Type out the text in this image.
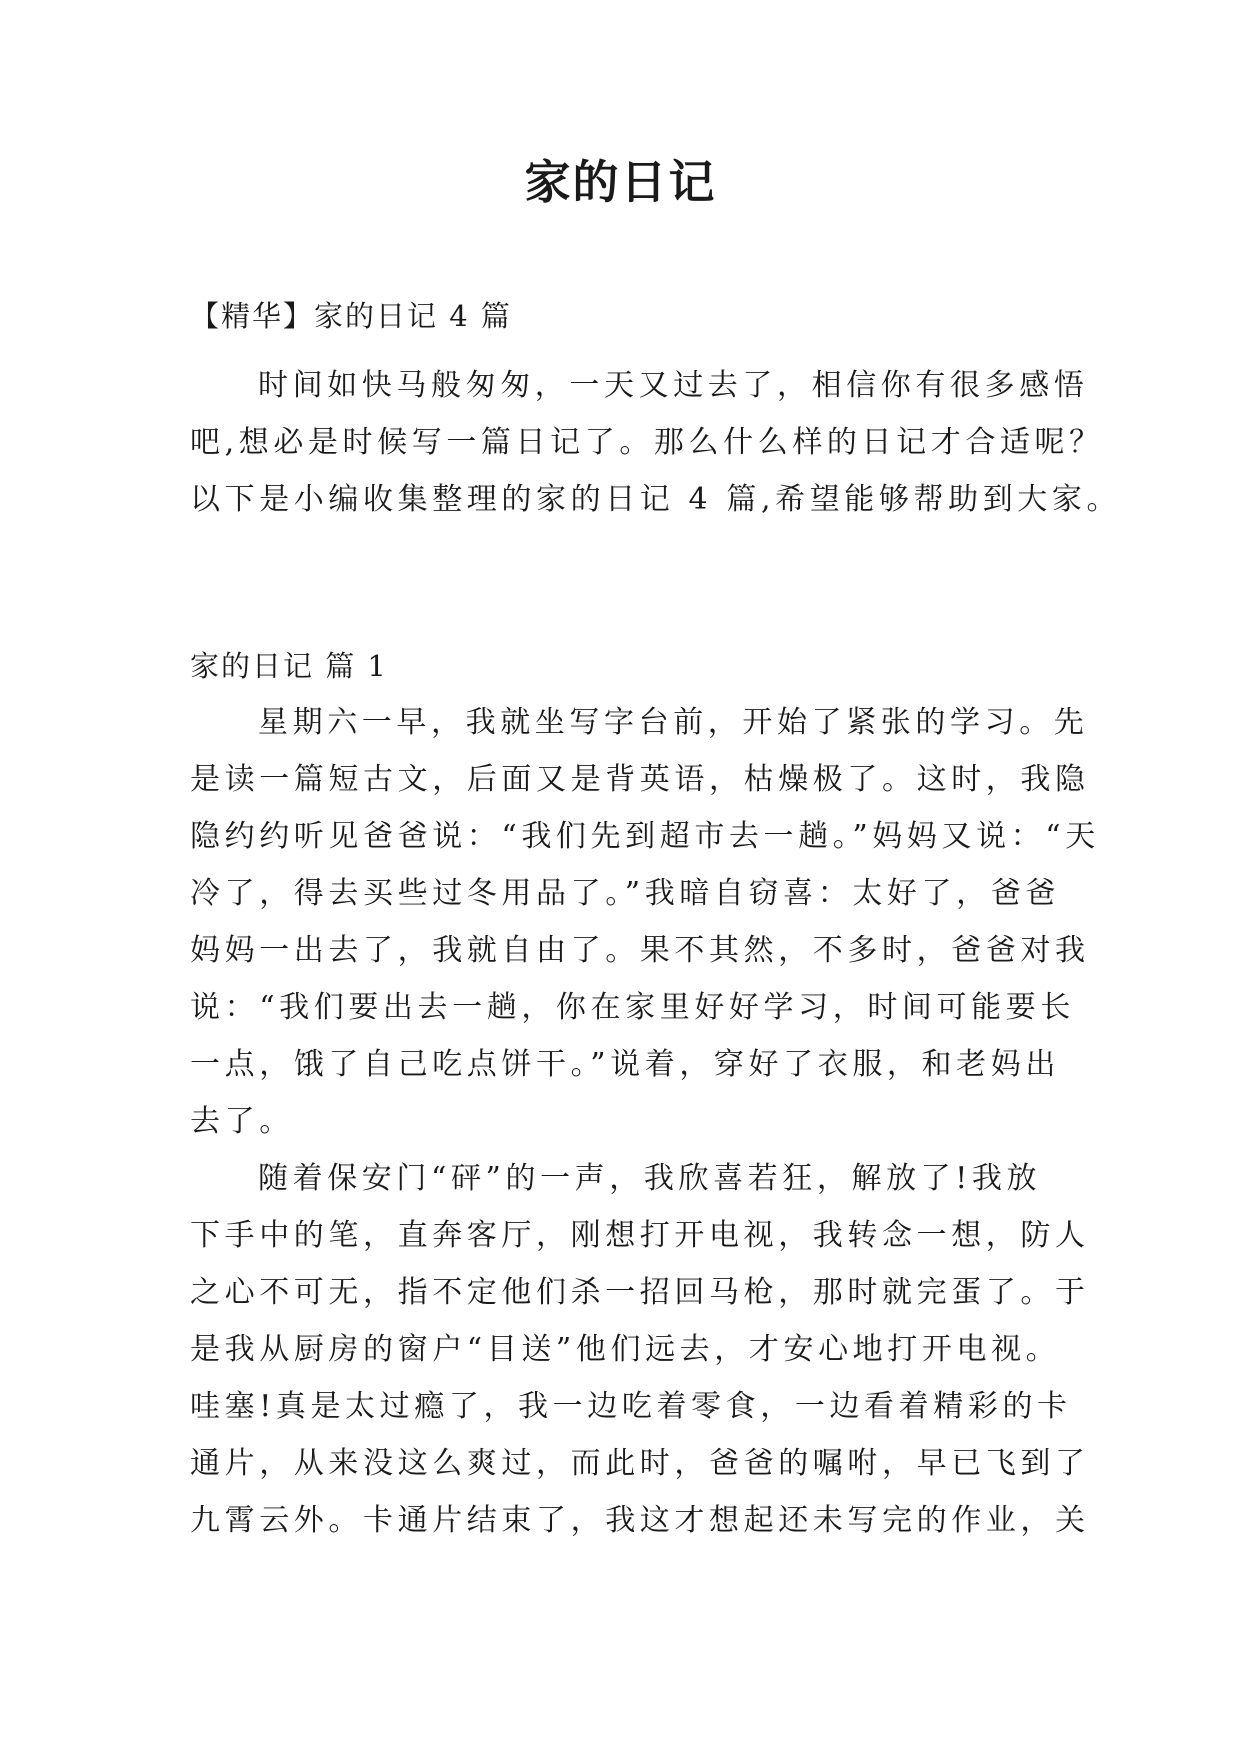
家的日记
【精华】家的日记 4 篇
时间如快马般匆匆，一天又过去了，相信你有很多感悟
吧,想必是时候写一篇日记了。那么什么样的日记才合适呢？
以下是小编收集整理的家的日记 4 篇,希望能够帮助到大家。
家的日记 篇 1
星期六一早，我就坐写字台前，开始了紧张的学习。先
是读一篇短古文，后面又是背英语，枯燥极了。这时，我隐
隐约约听见爸爸说：“我们先到超市去一趟。”妈妈又说：“天
冷了，得去买些过冬用品了。”我暗自窃喜：太好了，爸爸
妈妈一出去了，我就自由了。果不其然，不多时，爸爸对我
说：“我们要出去一趟，你在家里好好学习，时间可能要长
一点，饿了自己吃点饼干。”说着，穿好了衣服，和老妈出
去了。
随着保安门“砰”的一声，我欣喜若狂，解放了!我放
下手中的笔，直奔客厅，刚想打开电视，我转念一想，防人
之心不可无，指不定他们杀一招回马枪，那时就完蛋了。于
是我从厨房的窗户“目送”他们远去，才安心地打开电视。
哇塞!真是太过瘾了，我一边吃着零食，一边看着精彩的卡
通片，从来没这么爽过，而此时，爸爸的嘱咐，早已飞到了
九霄云外。卡通片结束了，我这才想起还未写完的作业，关
